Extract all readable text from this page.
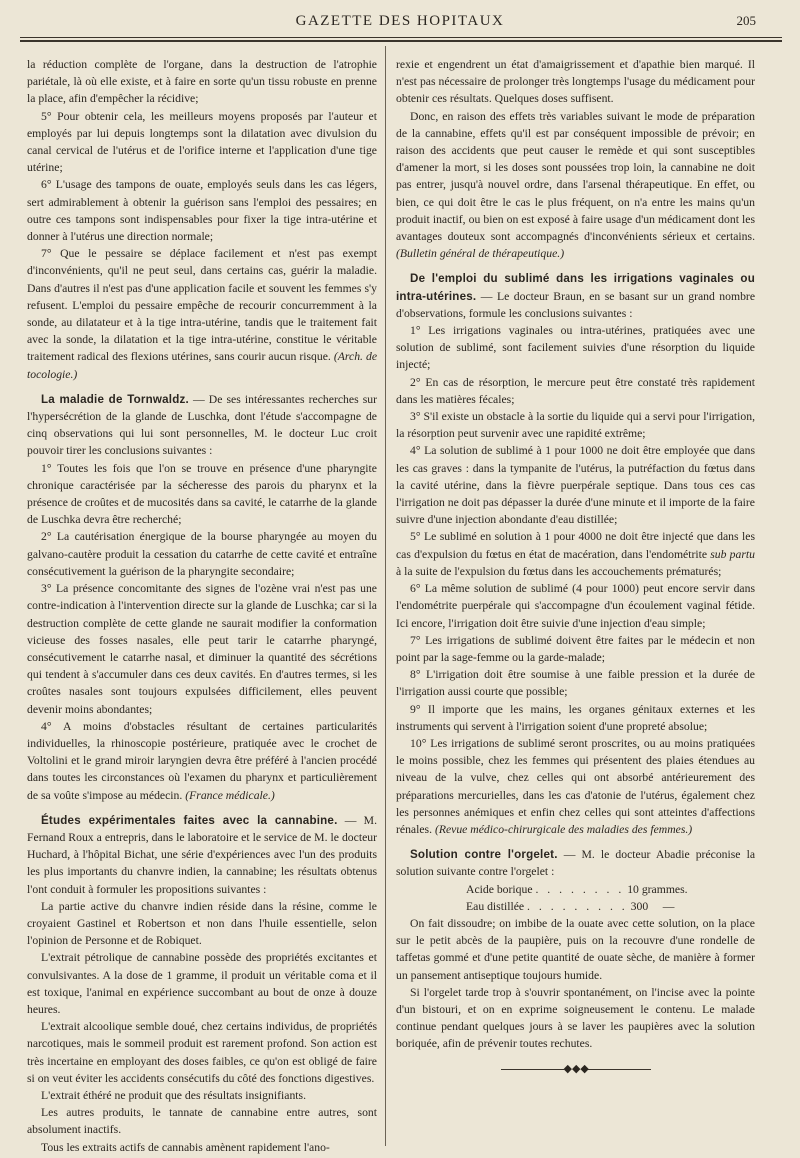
GAZETTE DES HOPITAUX	205

la réduction complète de l'organe, dans la destruction de l'atrophie pariétale, là où elle existe, et à faire en sorte qu'un tissu robuste en prenne la place, afin d'empêcher la récidive;

5° Pour obtenir cela, les meilleurs moyens proposés par l'auteur et employés par lui depuis longtemps sont la dilatation avec divulsion du canal cervical de l'utérus et de l'orifice interne et l'application d'une tige utérine;

6° L'usage des tampons de ouate, employés seuls dans les cas légers, sert admirablement à obtenir la guérison sans l'emploi des pessaires; en outre ces tampons sont indispensables pour fixer la tige intra-utérine et donner à l'utérus une direction normale;

7° Que le pessaire se déplace facilement et n'est pas exempt d'inconvénients, qu'il ne peut seul, dans certains cas, guérir la maladie. Dans d'autres il n'est pas d'une application facile et souvent les femmes s'y refusent. L'emploi du pessaire empêche de recourir concurremment à la sonde, au dilatateur et à la tige intra-utérine, tandis que le traitement fait avec la sonde, la dilatation et la tige intra-utérine, constitue le véritable traitement radical des flexions utérines, sans courir aucun risque. (Arch. de tocologie.)

La maladie de Tornwaldz. — De ses intéressantes recherches sur l'hypersécrétion de la glande de Luschka, dont l'étude s'accompagne de cinq observations qui lui sont personnelles, M. le docteur Luc croit pouvoir tirer les conclusions suivantes :

1° Toutes les fois que l'on se trouve en présence d'une pharyngite chronique caractérisée par la sécheresse des parois du pharynx et la présence de croûtes et de mucosités dans sa cavité, le catarrhe de la glande de Luschka devra être recherché;

2° La cautérisation énergique de la bourse pharyngée au moyen du galvano-cautère produit la cessation du catarrhe de cette cavité et entraîne consécutivement la guérison de la pharyngite secondaire;

3° La présence concomitante des signes de l'ozène vrai n'est pas une contre-indication à l'intervention directe sur la glande de Luschka; car si la destruction complète de cette glande ne saurait modifier la conformation vicieuse des fosses nasales, elle peut tarir le catarrhe pharyngé, consécutivement le catarrhe nasal, et diminuer la quantité des sécrétions qui tendent à s'accumuler dans ces deux cavités. En d'autres termes, si les croûtes nasales sont toujours expulsées difficilement, elles peuvent devenir moins abondantes;

4° A moins d'obstacles résultant de certaines particularités individuelles, la rhinoscopie postérieure, pratiquée avec le crochet de Voltolini et le grand miroir laryngien devra être préféré à l'ancien procédé dans toutes les circonstances où l'examen du pharynx et particulièrement de sa voûte s'impose au médecin. (France médicale.)

Études expérimentales faites avec la cannabine. — M. Fernand Roux a entrepris, dans le laboratoire et le service de M. le docteur Huchard, à l'hôpital Bichat, une série d'expériences avec l'un des produits les plus importants du chanvre indien, la cannabine; les résultats obtenus l'ont conduit à formuler les propositions suivantes :

La partie active du chanvre indien réside dans la résine, comme le croyaient Gastinel et Robertson et non dans l'huile essentielle, selon l'opinion de Personne et de Robiquet.

L'extrait pétrolique de cannabine possède des propriétés excitantes et convulsivantes. A la dose de 1 gramme, il produit un véritable coma et il est toxique, l'animal en expérience succombant au bout de onze à douze heures.

L'extrait alcoolique semble doué, chez certains individus, de propriétés narcotiques, mais le sommeil produit est rarement profond. Son action est très incertaine en employant des doses faibles, ce qu'on est obligé de faire si on veut éviter les accidents consécutifs du côté des fonctions digestives.

L'extrait éthéré ne produit que des résultats insignifiants.

Les autres produits, le tannate de cannabine entre autres, sont absolument inactifs.

Tous les extraits actifs de cannabis amènent rapidement l'ano-

rexie et engendrent un état d'amaigrissement et d'apathie bien marqué. Il n'est pas nécessaire de prolonger très longtemps l'usage du médicament pour obtenir ces résultats. Quelques doses suffisent.

Donc, en raison des effets très variables suivant le mode de préparation de la cannabine, effets qu'il est par conséquent impossible de prévoir; en raison des accidents que peut causer le remède et qui sont susceptibles d'amener la mort, si les doses sont poussées trop loin, la cannabine ne doit pas entrer, jusqu'à nouvel ordre, dans l'arsenal thérapeutique. En effet, ou bien, ce qui doit être le cas le plus fréquent, on n'a entre les mains qu'un produit inactif, ou bien on est exposé à faire usage d'un médicament dont les avantages douteux sont accompagnés d'inconvénients sérieux et certains. (Bulletin général de thérapeutique.)

De l'emploi du sublimé dans les irrigations vaginales ou intra-utérines. — Le docteur Braun, en se basant sur un grand nombre d'observations, formule les conclusions suivantes :

1° Les irrigations vaginales ou intra-utérines, pratiquées avec une solution de sublimé, sont facilement suivies d'une résorption du liquide injecté;

2° En cas de résorption, le mercure peut être constaté très rapidement dans les matières fécales;

3° S'il existe un obstacle à la sortie du liquide qui a servi pour l'irrigation, la résorption peut survenir avec une rapidité extrême;

4° La solution de sublimé à 1 pour 1000 ne doit être employée que dans les cas graves : dans la tympanite de l'utérus, la putréfaction du fœtus dans la cavité utérine, dans la fièvre puerpérale septique. Dans tous ces cas l'irrigation ne doit pas dépasser la durée d'une minute et il importe de la faire suivre d'une injection abondante d'eau distillée;

5° Le sublimé en solution à 1 pour 4000 ne doit être injecté que dans les cas d'expulsion du fœtus en état de macération, dans l'endométrite sub partu à la suite de l'expulsion du fœtus dans les accouchements prématurés;

6° La même solution de sublimé (4 pour 1000) peut encore servir dans l'endométrite puerpérale qui s'accompagne d'un écoulement vaginal fétide. Ici encore, l'irrigation doit être suivie d'une injection d'eau simple;

7° Les irrigations de sublimé doivent être faites par le médecin et non point par la sage-femme ou la garde-malade;

8° L'irrigation doit être soumise à une faible pression et la durée de l'irrigation aussi courte que possible;

9° Il importe que les mains, les organes génitaux externes et les instruments qui servent à l'irrigation soient d'une propreté absolue;

10° Les irrigations de sublimé seront proscrites, ou au moins pratiquées le moins possible, chez les femmes qui présentent des plaies étendues au niveau de la vulve, chez celles qui ont absorbé antérieurement des préparations mercurielles, dans les cas d'atonie de l'utérus, également chez les personnes anémiques et enfin chez celles qui sont atteintes d'affections rénales. (Revue médico-chirurgicale des maladies des femmes.)

Solution contre l'orgelet. — M. le docteur Abadie préconise la solution suivante contre l'orgelet :

Acide borique . . . . . . . . 10 grammes.

Eau distillée . . . . . . . . . 300     —

On fait dissoudre; on imbibe de la ouate avec cette solution, on la place sur le petit abcès de la paupière, puis on la recouvre d'une rondelle de taffetas gommé et d'une petite quantité de ouate sèche, de manière à former un pansement antiseptique toujours humide.

Si l'orgelet tarde trop à s'ouvrir spontanément, on l'incise avec la pointe d'un bistouri, et on en exprime soigneusement le contenu. Le malade continue pendant quelques jours à se laver les paupières avec la solution boriquée, afin de prévenir toutes rechutes.

◆◆◆
